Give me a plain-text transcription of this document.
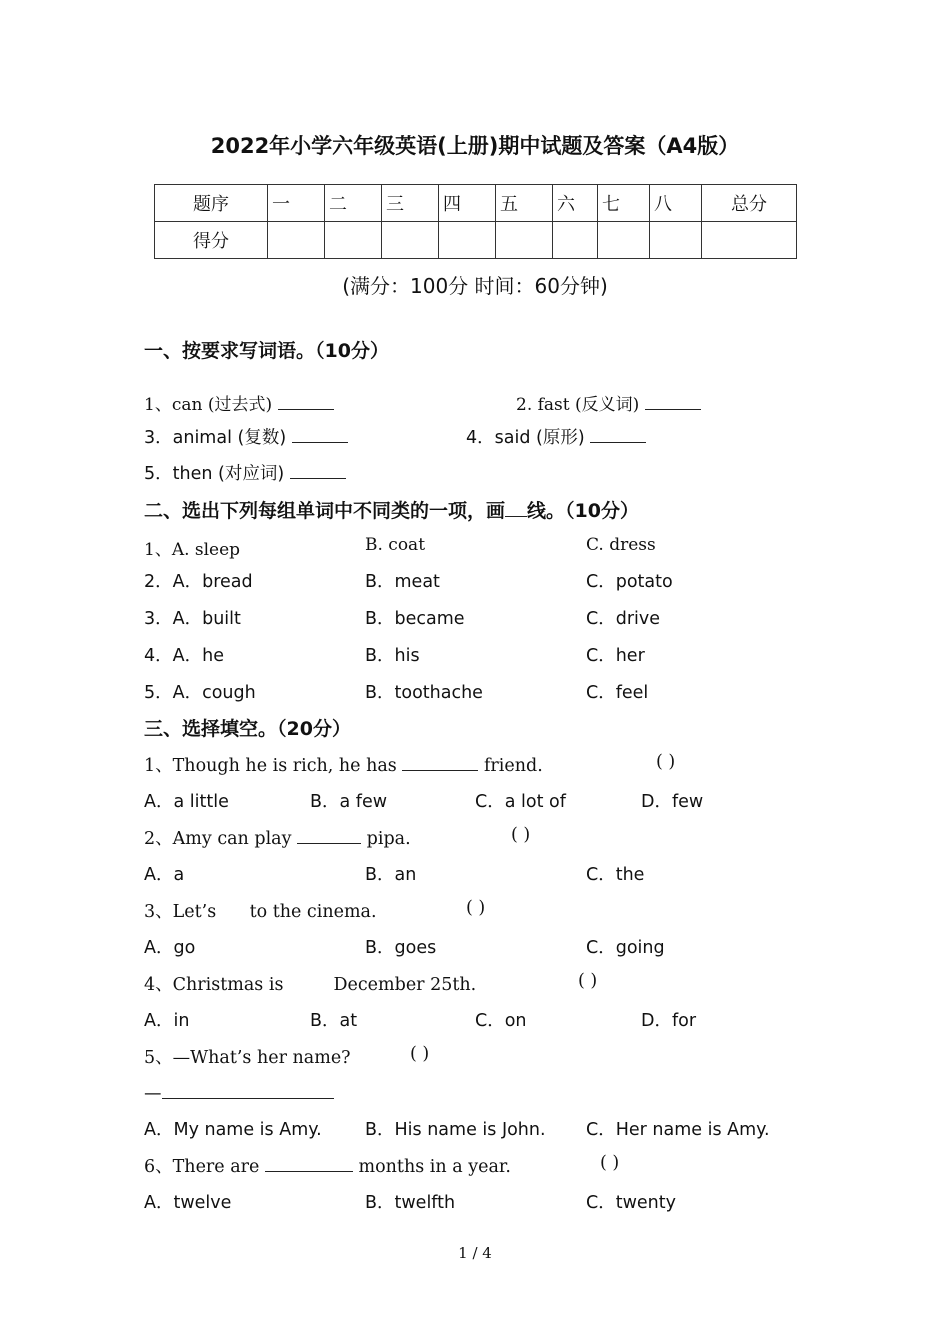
2022年小学六年级英语(上册)期中试题及答案（A4版）
题序	一	二	三	四	五	六	七	八	总分
得分									
(满分：100分 时间：60分钟)
一、按要求写词语。（10分）
1、can (过去式)	2. fast (反义词)
3．animal (复数)	4．said (原形)
5．then (对应词)
二、选出下列每组单词中不同类的一项，画 线。（10分）
1、A. sleep	B. coat	C. dress
2．A．bread	B．meat	C．potato
3．A．built	B．became	C．drive
4．A．he	B．his	C．her
5．A．cough	B．toothache	C．feel
三、选择填空。（20分）
1、Though he is rich, he has	friend.	( )
A．a little	B．a few	C．a lot of	D．few
2、Amy can play	pipa.	( )
A．a	B．an	C．the
3、Let’s      to the cinema.	( )
A．go	B．goes	C．going
4、Christmas is         December 25th.	( )
A．in	B．at	C．on	D．for
5、—What’s her name?	( )
—
A．My name is Amy. B．His name is John. C．Her name is Amy.
6、There are	months in a year.	( )
A．twelve	B．twelfth	C．twenty
1 / 4
